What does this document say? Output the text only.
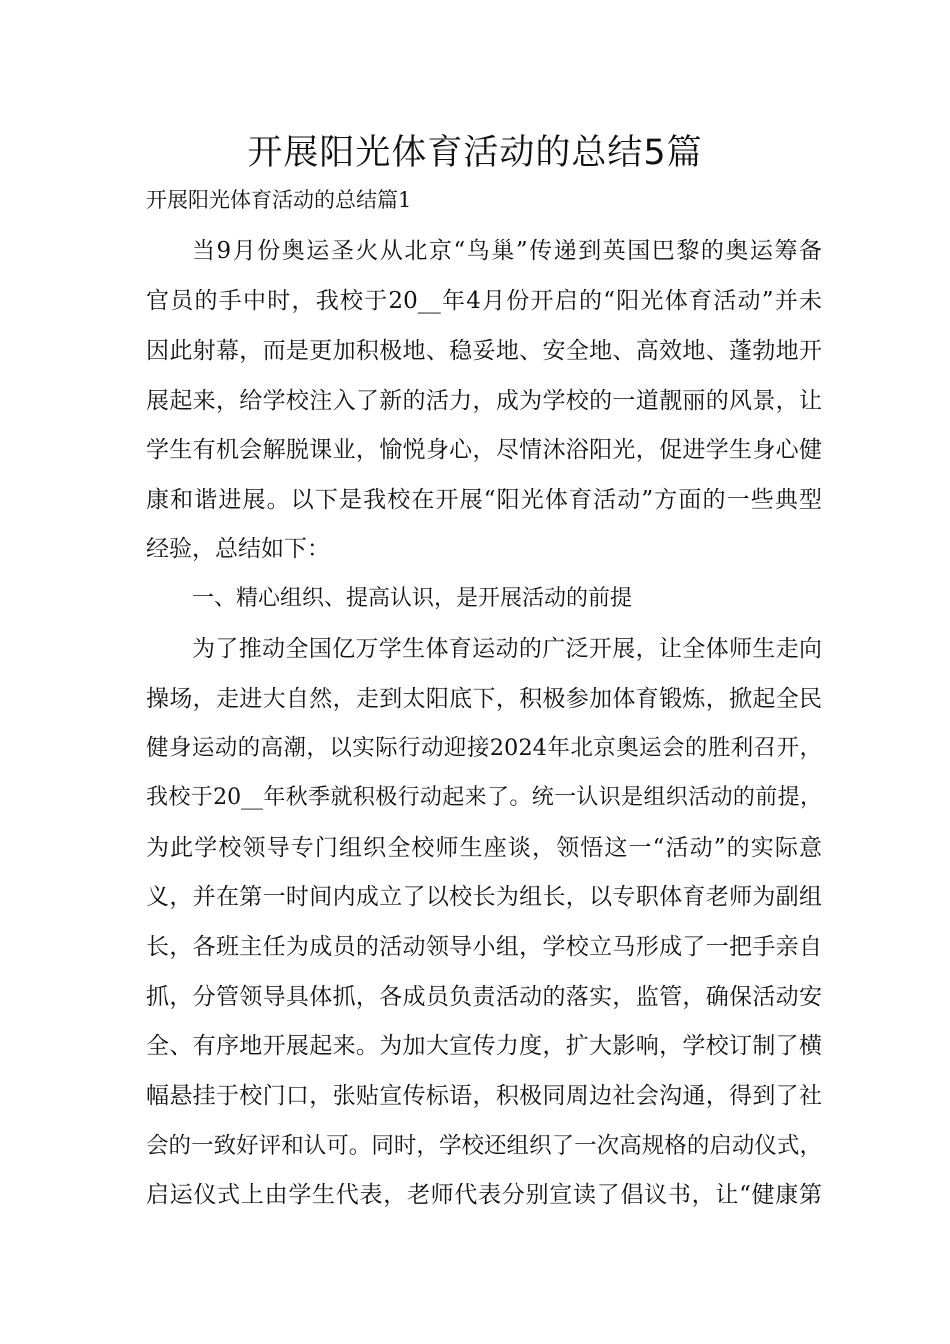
开展阳光体育活动的总结5篇
开展阳光体育活动的总结篇1
当9月份奥运圣火从北京“鸟巢”传递到英国巴黎的奥运筹备
官员的手中时，我校于20__年4月份开启的“阳光体育活动”并未
因此射幕，而是更加积极地、稳妥地、安全地、高效地、蓬勃地开
展起来，给学校注入了新的活力，成为学校的一道靓丽的风景，让
学生有机会解脱课业，愉悦身心，尽情沐浴阳光，促进学生身心健
康和谐进展。以下是我校在开展“阳光体育活动”方面的一些典型
经验，总结如下：
一、精心组织、提高认识，是开展活动的前提
为了推动全国亿万学生体育运动的广泛开展，让全体师生走向
操场，走进大自然，走到太阳底下，积极参加体育锻炼，掀起全民
健身运动的高潮，以实际行动迎接2024年北京奥运会的胜利召开，
我校于20__年秋季就积极行动起来了。统一认识是组织活动的前提，
为此学校领导专门组织全校师生座谈，领悟这一“活动”的实际意
义，并在第一时间内成立了以校长为组长，以专职体育老师为副组
长，各班主任为成员的活动领导小组，学校立马形成了一把手亲自
抓，分管领导具体抓，各成员负责活动的落实，监管，确保活动安
全、有序地开展起来。为加大宣传力度，扩大影响，学校订制了横
幅悬挂于校门口，张贴宣传标语，积极同周边社会沟通，得到了社
会的一致好评和认可。同时，学校还组织了一次高规格的启动仪式，
启运仪式上由学生代表，老师代表分别宣读了倡议书，让“健康第
